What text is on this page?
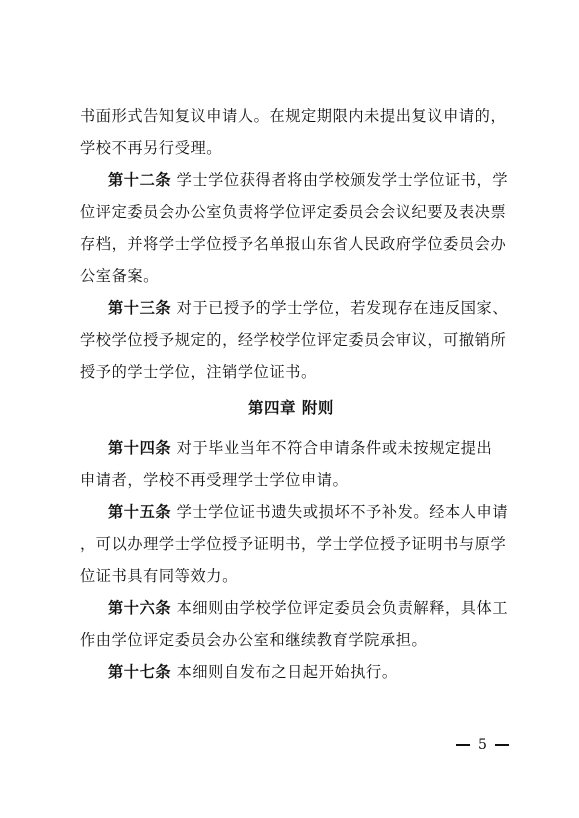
书面形式告知复议申请人。在规定期限内未提出复议申请的，
学校不再另行受理。
第十二条 学士学位获得者将由学校颁发学士学位证书，学
位评定委员会办公室负责将学位评定委员会会议纪要及表决票
存档，并将学士学位授予名单报山东省人民政府学位委员会办
公室备案。
第十三条 对于已授予的学士学位，若发现存在违反国家、
学校学位授予规定的，经学校学位评定委员会审议，可撤销所
授予的学士学位，注销学位证书。
第四章 附则
第十四条 对于毕业当年不符合申请条件或未按规定提出
申请者，学校不再受理学士学位申请。
第十五条 学士学位证书遗失或损坏不予补发。经本人申请
，可以办理学士学位授予证明书，学士学位授予证明书与原学
位证书具有同等效力。
第十六条 本细则由学校学位评定委员会负责解释，具体工
作由学位评定委员会办公室和继续教育学院承担。
第十七条 本细则自发布之日起开始执行。
5
